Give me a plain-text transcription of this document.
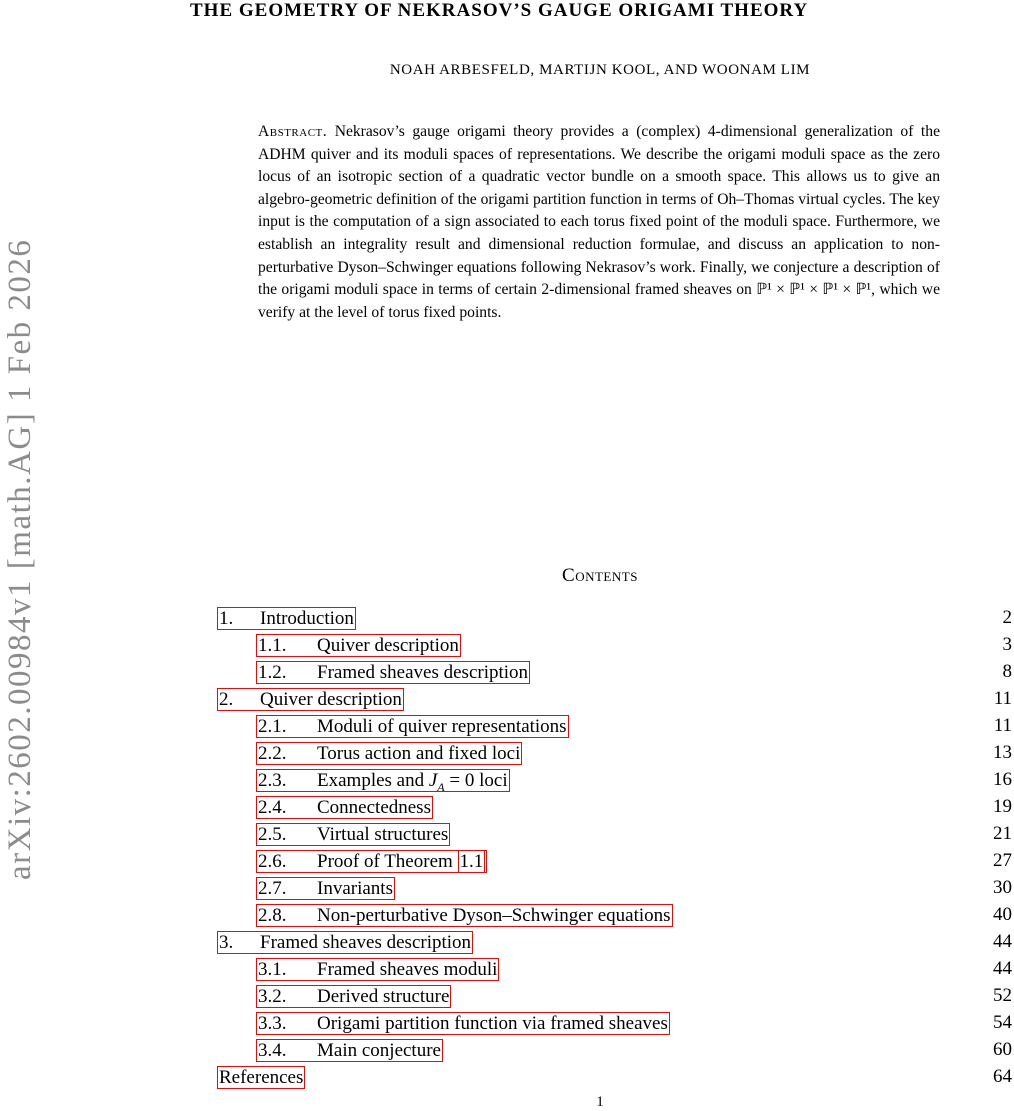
arXiv:2602.00984v1 [math.AG] 1 Feb 2026
THE GEOMETRY OF NEKRASOV’S GAUGE ORIGAMI THEORY
NOAH ARBESFELD, MARTIJN KOOL, AND WOONAM LIM
Abstract. Nekrasov’s gauge origami theory provides a (complex) 4-dimensional generalization of the ADHM quiver and its moduli spaces of representations. We describe the origami moduli space as the zero locus of an isotropic section of a quadratic vector bundle on a smooth space. This allows us to give an algebro-geometric definition of the origami partition function in terms of Oh–Thomas virtual cycles. The key input is the computation of a sign associated to each torus fixed point of the moduli space. Furthermore, we establish an integrality result and dimensional reduction formulae, and discuss an application to non-perturbative Dyson–Schwinger equations following Nekrasov’s work. Finally, we conjecture a description of the origami moduli space in terms of certain 2-dimensional framed sheaves on ℙ¹ × ℙ¹ × ℙ¹ × ℙ¹, which we verify at the level of torus fixed points.
Contents
1. Introduction	2
1.1. Quiver description	3
1.2. Framed sheaves description	8
2. Quiver description	11
2.1. Moduli of quiver representations	11
2.2. Torus action and fixed loci	13
2.3. Examples and $J_A = 0$ loci	16
2.4. Connectedness	19
2.5. Virtual structures	21
2.6. Proof of Theorem 1.1	27
2.7. Invariants	30
2.8. Non-perturbative Dyson–Schwinger equations	40
3. Framed sheaves description	44
3.1. Framed sheaves moduli	44
3.2. Derived structure	52
3.3. Origami partition function via framed sheaves	54
3.4. Main conjecture	60
References	64
1
